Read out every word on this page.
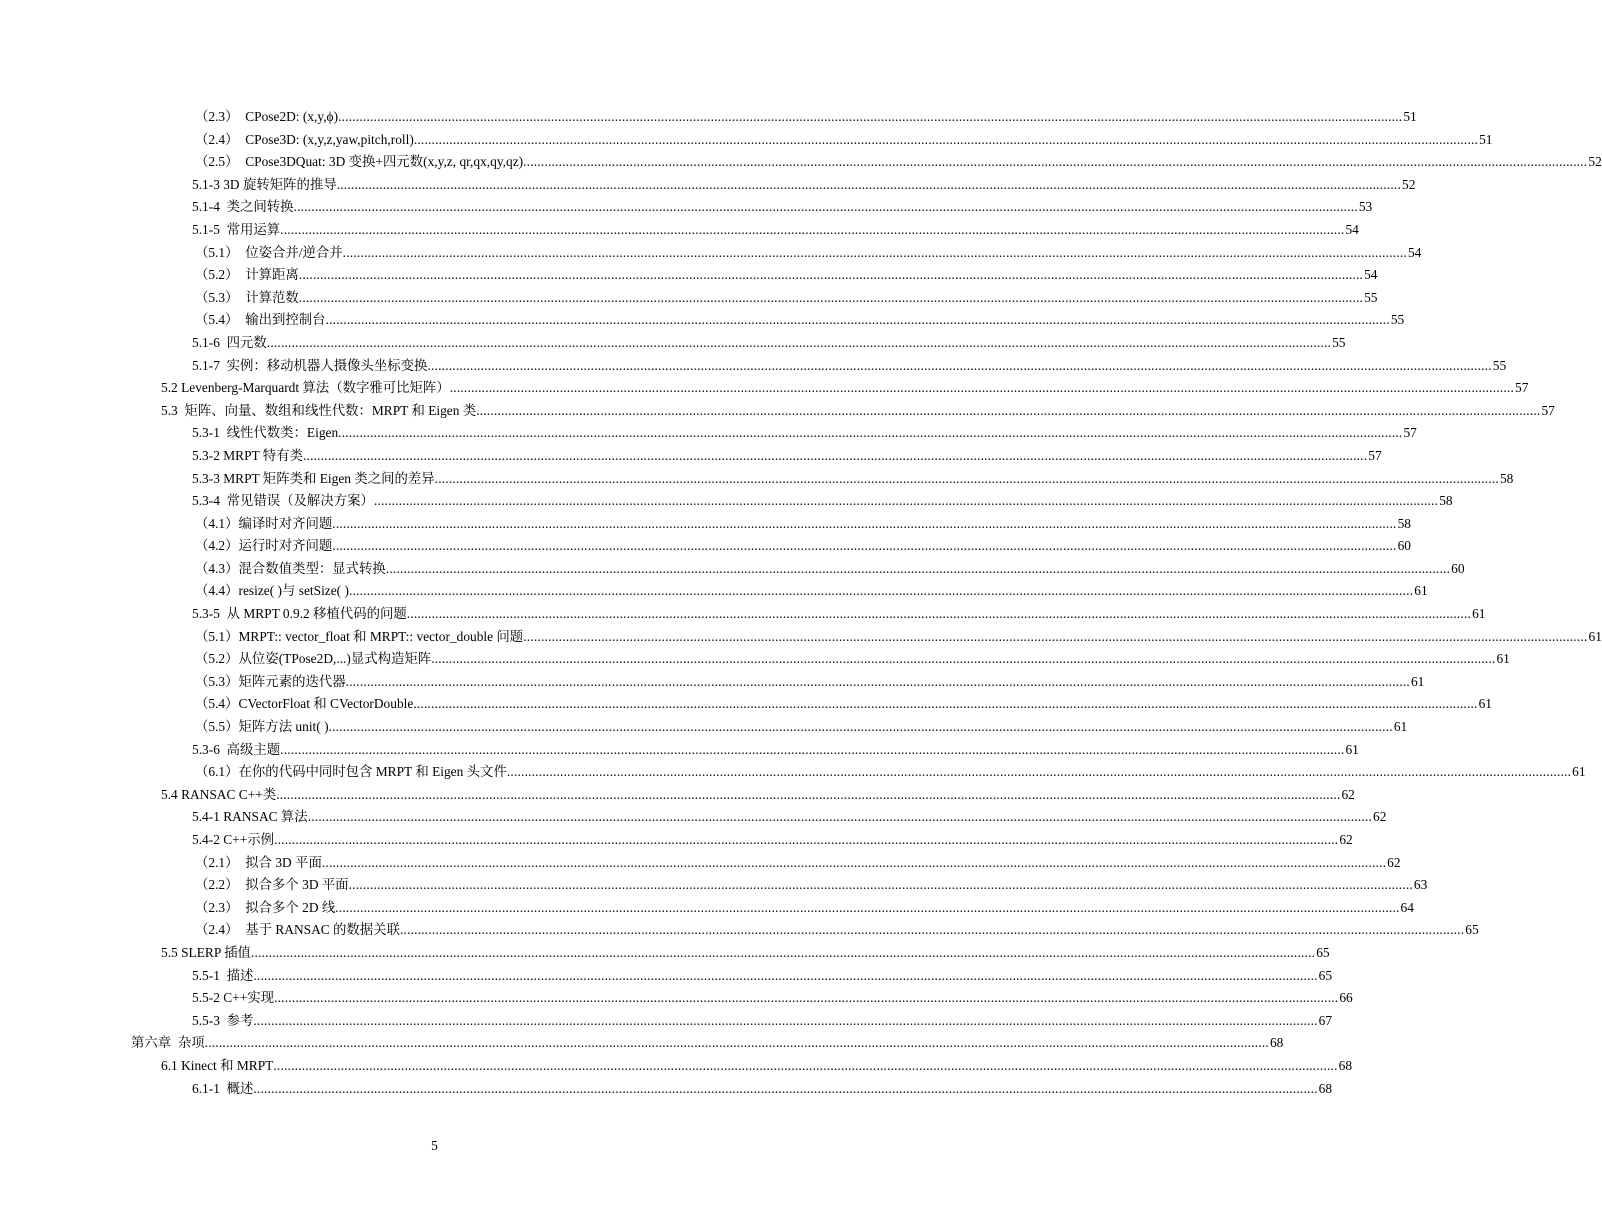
（2.3）  CPose2D: (x,y,ϕ) ............................................................................................................................................................................................................................................................................................................ 51
（2.4）  CPose3D: (x,y,z,yaw,pitch,roll) ............................................................................................................................................................................................................................................................................................................ 51
（2.5）  CPose3DQuat: 3D 变换+四元数(x,y,z, qr,qx,qy,qz) ............................................................................................................................................................................................................................................................................................................ 52
5.1-3 3D 旋转矩阵的推导 ............................................................................................................................................................................................................................................................................................................ 52
5.1-4  类之间转换 ............................................................................................................................................................................................................................................................................................................ 53
5.1-5  常用运算 ............................................................................................................................................................................................................................................................................................................ 54
（5.1）  位姿合并/逆合并 ............................................................................................................................................................................................................................................................................................................ 54
（5.2）  计算距离 ............................................................................................................................................................................................................................................................................................................ 54
（5.3）  计算范数 ............................................................................................................................................................................................................................................................................................................ 55
（5.4）  输出到控制台 ............................................................................................................................................................................................................................................................................................................ 55
5.1-6  四元数 ............................................................................................................................................................................................................................................................................................................ 55
5.1-7  实例：移动机器人摄像头坐标变换 ............................................................................................................................................................................................................................................................................................................ 55
5.2 Levenberg-Marquardt 算法（数字雅可比矩阵） ............................................................................................................................................................................................................................................................................................................ 57
5.3  矩阵、向量、数组和线性代数：MRPT 和 Eigen 类 ............................................................................................................................................................................................................................................................................................................ 57
5.3-1  线性代数类：Eigen ............................................................................................................................................................................................................................................................................................................ 57
5.3-2 MRPT 特有类 ............................................................................................................................................................................................................................................................................................................ 57
5.3-3 MRPT 矩阵类和 Eigen 类之间的差异 ............................................................................................................................................................................................................................................................................................................ 58
5.3-4  常见错误（及解决方案） ............................................................................................................................................................................................................................................................................................................ 58
（4.1）编译时对齐问题 ............................................................................................................................................................................................................................................................................................................ 58
（4.2）运行时对齐问题 ............................................................................................................................................................................................................................................................................................................ 60
（4.3）混合数值类型：显式转换 ............................................................................................................................................................................................................................................................................................................ 60
（4.4）resize( )与 setSize( ) ............................................................................................................................................................................................................................................................................................................ 61
5.3-5  从 MRPT 0.9.2 移植代码的问题 ............................................................................................................................................................................................................................................................................................................ 61
（5.1）MRPT:: vector_float 和 MRPT:: vector_double 问题 ............................................................................................................................................................................................................................................................................................................ 61
（5.2）从位姿(TPose2D,...)显式构造矩阵 ............................................................................................................................................................................................................................................................................................................ 61
（5.3）矩阵元素的迭代器 ............................................................................................................................................................................................................................................................................................................ 61
（5.4）CVectorFloat 和 CVectorDouble ............................................................................................................................................................................................................................................................................................................ 61
（5.5）矩阵方法 unit( ) ............................................................................................................................................................................................................................................................................................................ 61
5.3-6  高级主题 ............................................................................................................................................................................................................................................................................................................ 61
（6.1）在你的代码中同时包含 MRPT 和 Eigen 头文件 ............................................................................................................................................................................................................................................................................................................ 61
5.4 RANSAC C++类 ............................................................................................................................................................................................................................................................................................................ 62
5.4-1 RANSAC 算法 ............................................................................................................................................................................................................................................................................................................ 62
5.4-2 C++示例 ............................................................................................................................................................................................................................................................................................................ 62
（2.1）  拟合 3D 平面 ............................................................................................................................................................................................................................................................................................................ 62
（2.2）  拟合多个 3D 平面 ............................................................................................................................................................................................................................................................................................................ 63
（2.3）  拟合多个 2D 线 ............................................................................................................................................................................................................................................................................................................ 64
（2.4）  基于 RANSAC 的数据关联 ............................................................................................................................................................................................................................................................................................................ 65
5.5 SLERP 插值 ............................................................................................................................................................................................................................................................................................................ 65
5.5-1  描述 ............................................................................................................................................................................................................................................................................................................ 65
5.5-2 C++实现 ............................................................................................................................................................................................................................................................................................................ 66
5.5-3  参考 ............................................................................................................................................................................................................................................................................................................ 67
第六章  杂项 ............................................................................................................................................................................................................................................................................................................ 68
6.1 Kinect 和 MRPT ............................................................................................................................................................................................................................................................................................................ 68
6.1-1  概述 ............................................................................................................................................................................................................................................................................................................ 68
5
